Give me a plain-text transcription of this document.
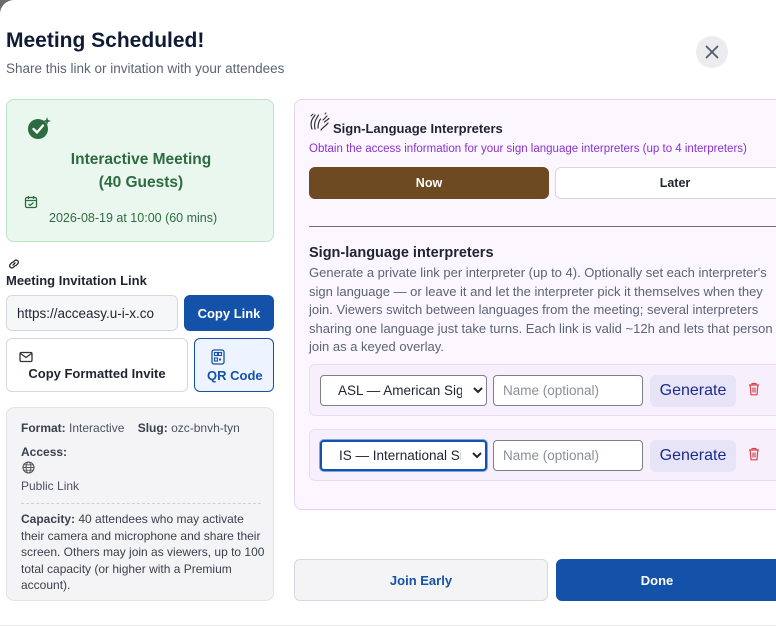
Meeting Scheduled!
Share this link or invitation with your attendees
Interactive Meeting
(40 Guests)
2026-08-19 at 10:00 (60 mins)
Meeting Invitation Link
https://acceasy.u-i-x.co	Copy Link
Copy Formatted Invite	QR Code
Format: Interactive Slug: ozc-bnvh-tyn
Access:
Public Link
Capacity: 40 attendees who may activate their camera and microphone and share their screen. Others may join as viewers, up to 100 total capacity (or higher with a Premium account).
Sign-Language Interpreters
Obtain the access information for your sign language interpreters (up to 4 interpreters)
Now	Later
Sign-language interpreters
Generate a private link per interpreter (up to 4). Optionally set each interpreter's sign language — or leave it and let the interpreter pick it themselves when they join. Viewers switch between languages from the meeting; several interpreters sharing one language just take turns. Each link is valid ~12h and lets that person join as a keyed overlay.
ASL — American Sign Language
Name (optional)
Generate
IS — International Sign
Name (optional)
Generate
Join Early	Done
